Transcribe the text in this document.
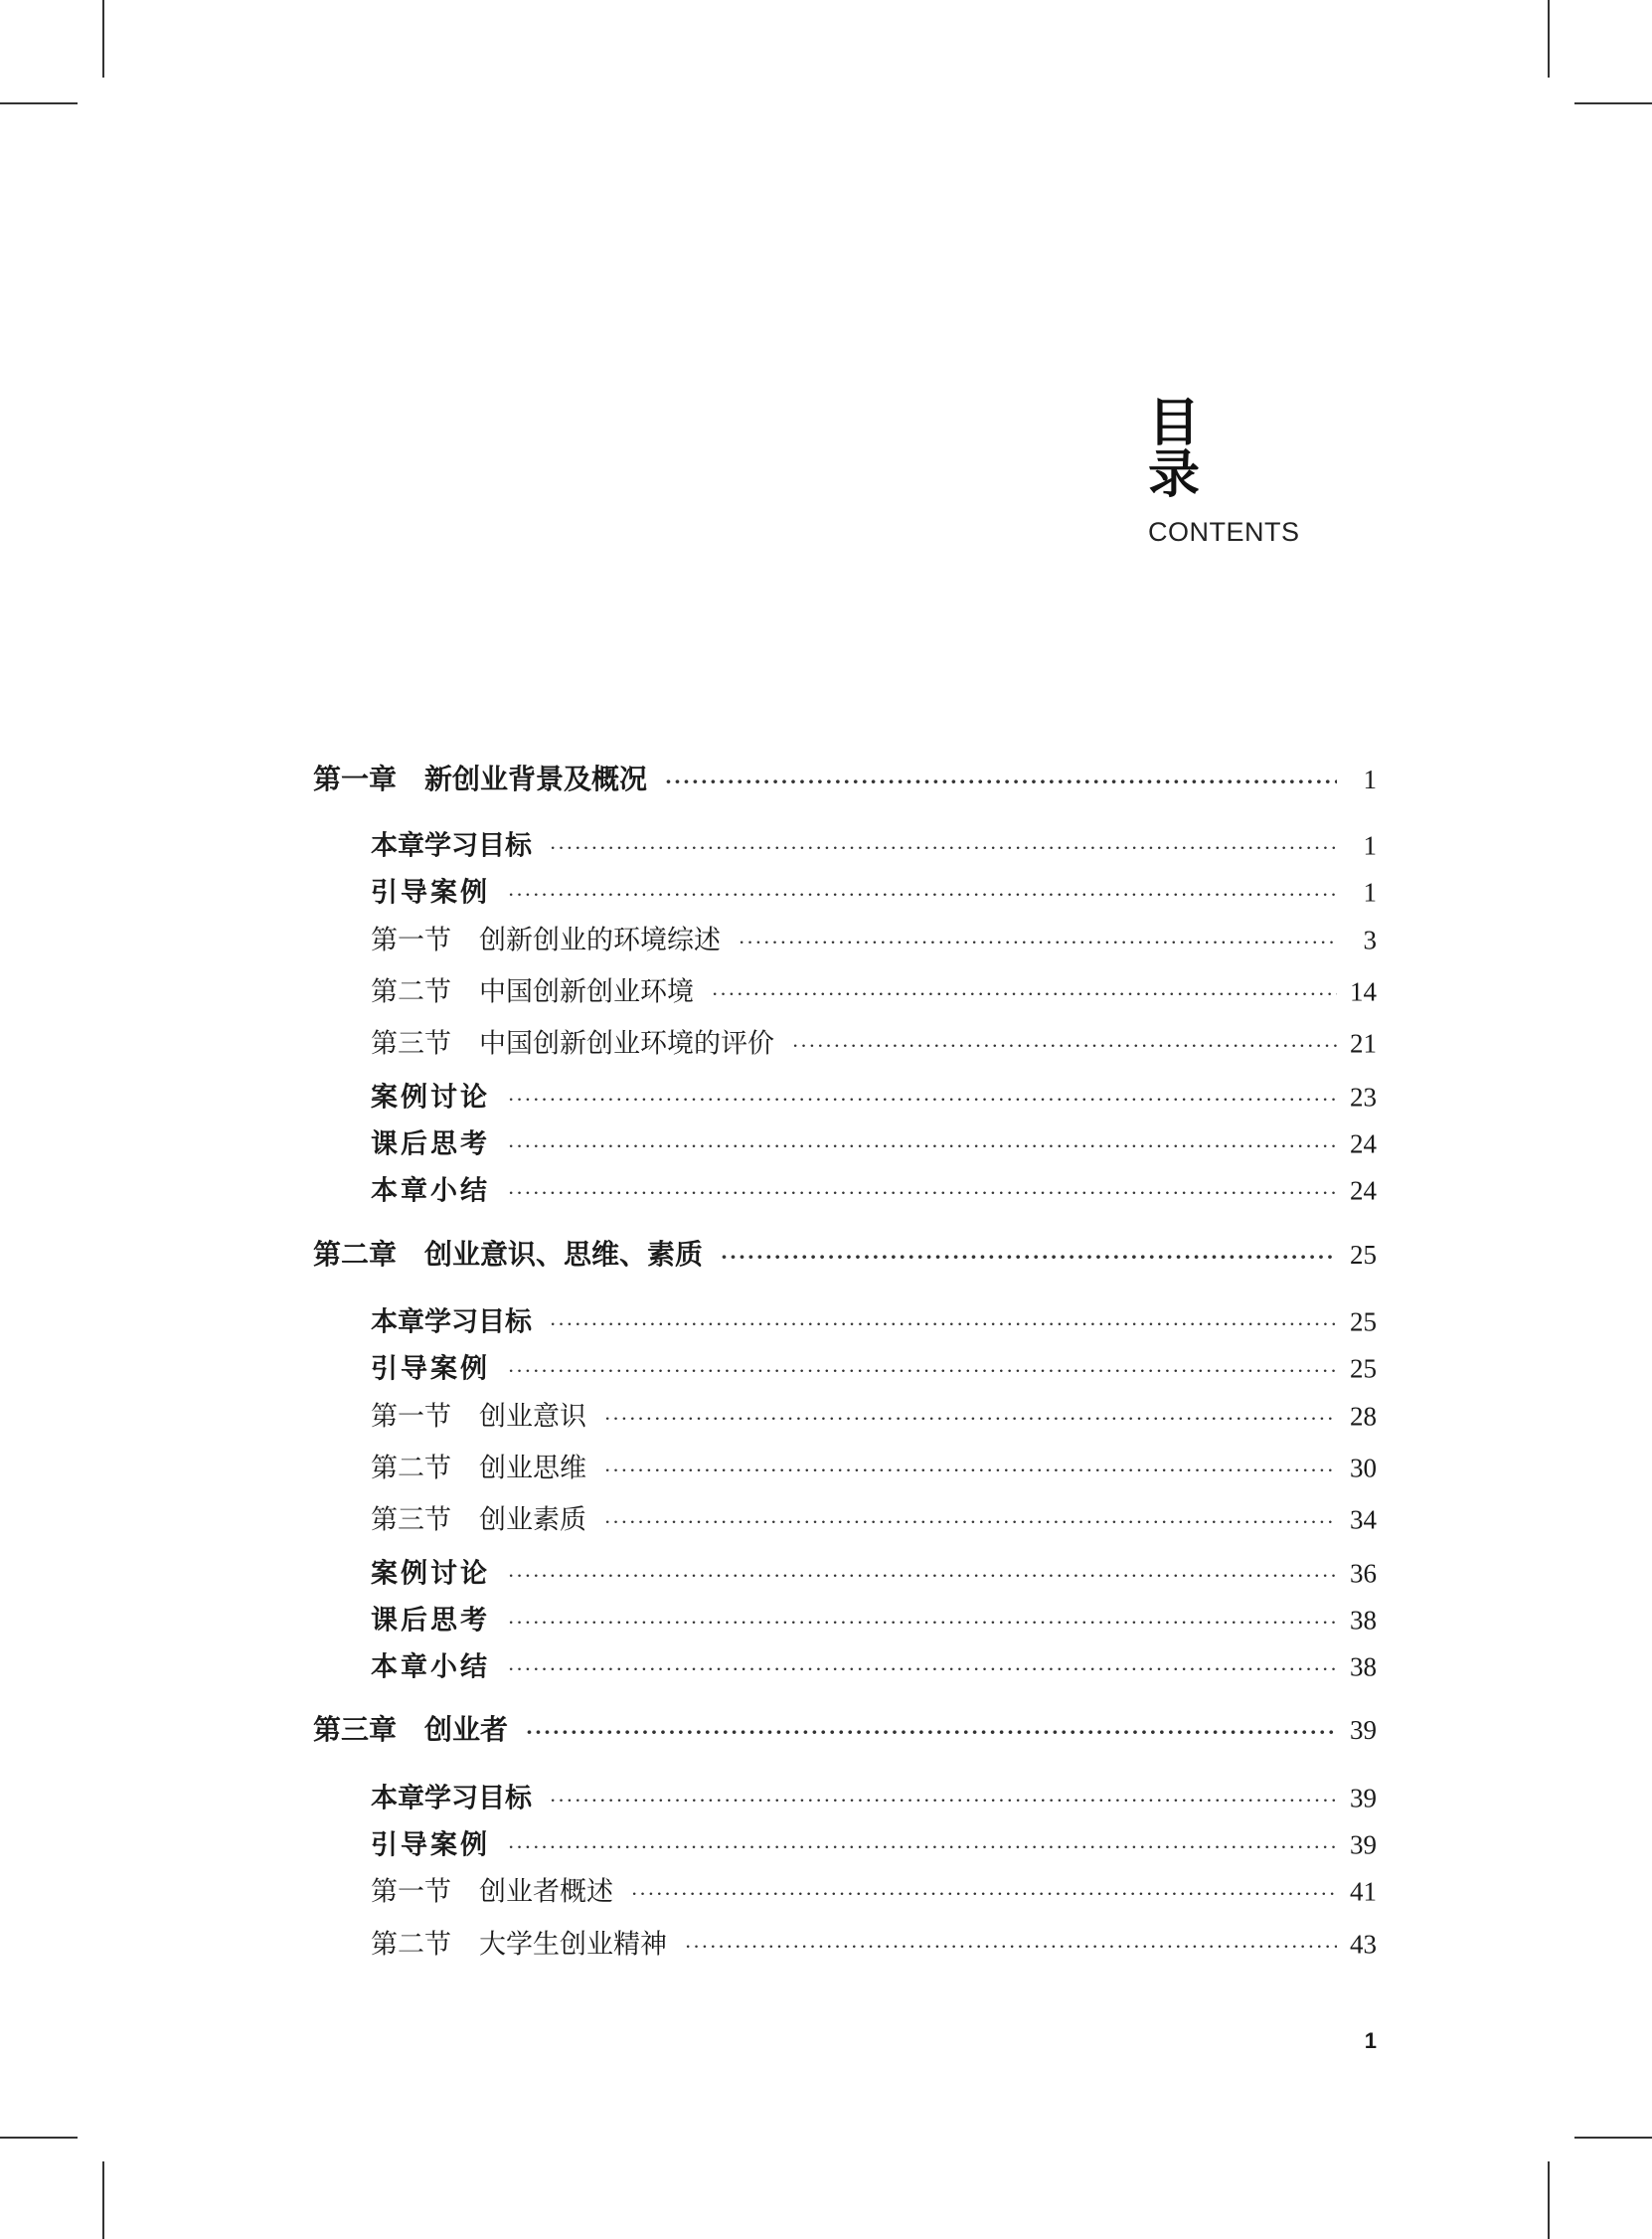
目 录
CONTENTS
第一章 新创业背景及概况 ·····	1
本章学习目标 ·····	1
引导案例 ·····	1
第一节 创新创业的环境综述 ·····	3
第二节 中国创新创业环境 ·····	14
第三节 中国创新创业环境的评价 ·····	21
案例讨论 ·····	23
课后思考 ·····	24
本章小结 ·····	24
第二章 创业意识、思维、素质 ·····	25
本章学习目标 ·····	25
引导案例 ·····	25
第一节 创业意识 ·····	28
第二节 创业思维 ·····	30
第三节 创业素质 ·····	34
案例讨论 ·····	36
课后思考 ·····	38
本章小结 ·····	38
第三章 创业者 ·····	39
本章学习目标 ·····	39
引导案例 ·····	39
第一节 创业者概述 ·····	41
第二节 大学生创业精神 ·····	43
1
